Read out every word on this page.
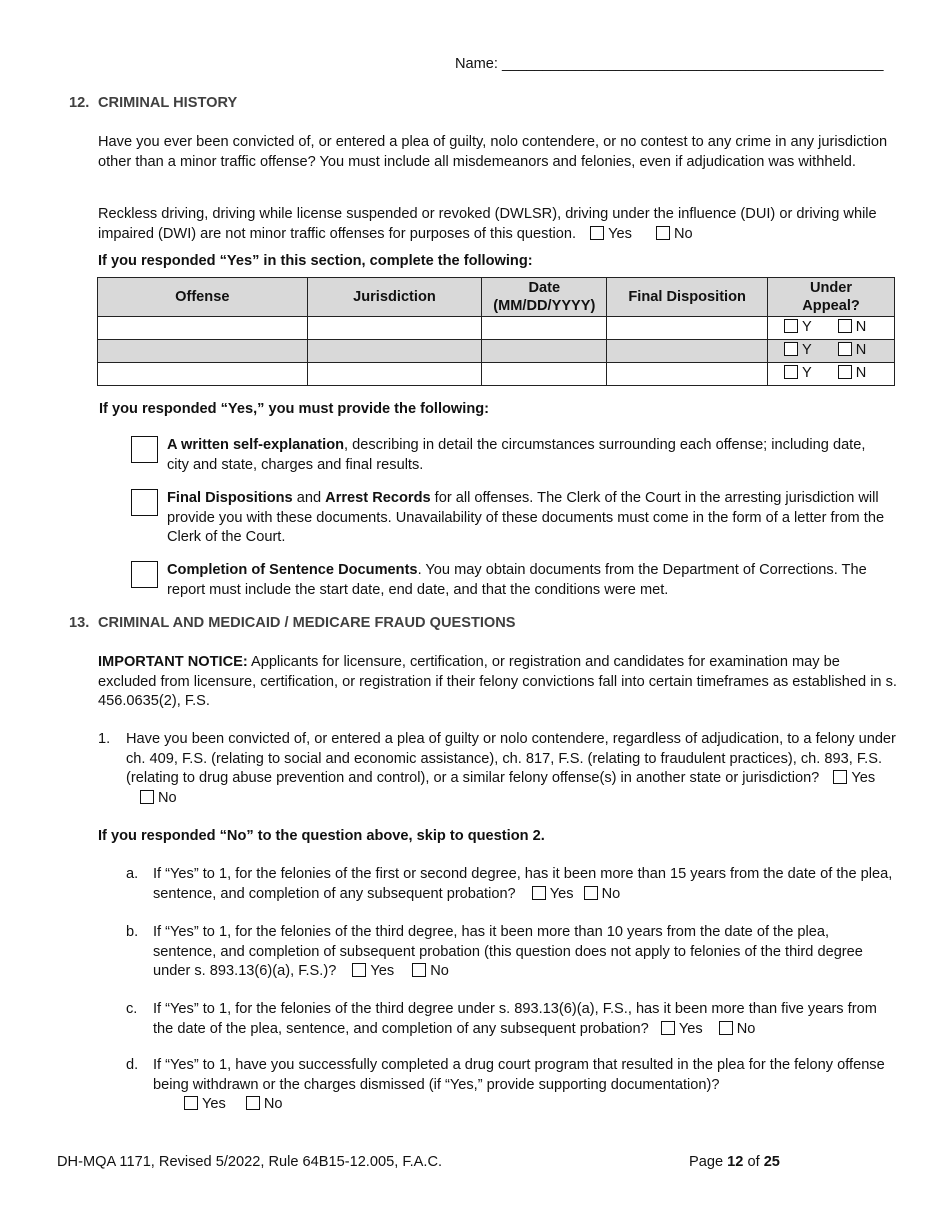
Name: _______________________________________________
12. CRIMINAL HISTORY

Have you ever been convicted of, or entered a plea of guilty, nolo contendere, or no contest to any crime in any jurisdiction other than a minor traffic offense? You must include all misdemeanors and felonies, even if adjudication was withheld.

Reckless driving, driving while license suspended or revoked (DWLSR), driving under the influence (DUI) or driving while impaired (DWI) are not minor traffic offenses for purposes of this question. Yes	No

If you responded “Yes” in this section, complete the following:

Offense	Jurisdiction	Date (MM/DD/YYYY)	Final Disposition	Under Appeal?
				Y N
				Y N
				Y N

If you responded “Yes,” you must provide the following:

A written self-explanation, describing in detail the circumstances surrounding each offense; including date, city and state, charges and final results.

Final Dispositions and Arrest Records for all offenses. The Clerk of the Court in the arresting jurisdiction will provide you with these documents. Unavailability of these documents must come in the form of a letter from the Clerk of the Court.

Completion of Sentence Documents. You may obtain documents from the Department of Corrections. The report must include the start date, end date, and that the conditions were met.

13. CRIMINAL AND MEDICAID / MEDICARE FRAUD QUESTIONS

IMPORTANT NOTICE: Applicants for licensure, certification, or registration and candidates for examination may be excluded from licensure, certification, or registration if their felony convictions fall into certain timeframes as established in s. 456.0635(2), F.S.

1. Have you been convicted of, or entered a plea of guilty or nolo contendere, regardless of adjudication, to a felony under ch. 409, F.S. (relating to social and economic assistance), ch. 817, F.S. (relating to fraudulent practices), ch. 893, F.S. (relating to drug abuse prevention and control), or a similar felony offense(s) in another state or jurisdiction? Yes No

If you responded “No” to the question above, skip to question 2.

a. If “Yes” to 1, for the felonies of the first or second degree, has it been more than 15 years from the date of the plea, sentence, and completion of any subsequent probation? Yes No

b. If “Yes” to 1, for the felonies of the third degree, has it been more than 10 years from the date of the plea, sentence, and completion of subsequent probation (this question does not apply to felonies of the third degree under s. 893.13(6)(a), F.S.)? Yes No

c. If “Yes” to 1, for the felonies of the third degree under s. 893.13(6)(a), F.S., has it been more than five years from the date of the plea, sentence, and completion of any subsequent probation? Yes No

d. If “Yes” to 1, have you successfully completed a drug court program that resulted in the plea for the felony offense being withdrawn or the charges dismissed (if “Yes,” provide supporting documentation)?

Yes	No
DH-MQA 1171, Revised 5/2022, Rule 64B15-12.005, F.A.C.	Page 12 of 25
